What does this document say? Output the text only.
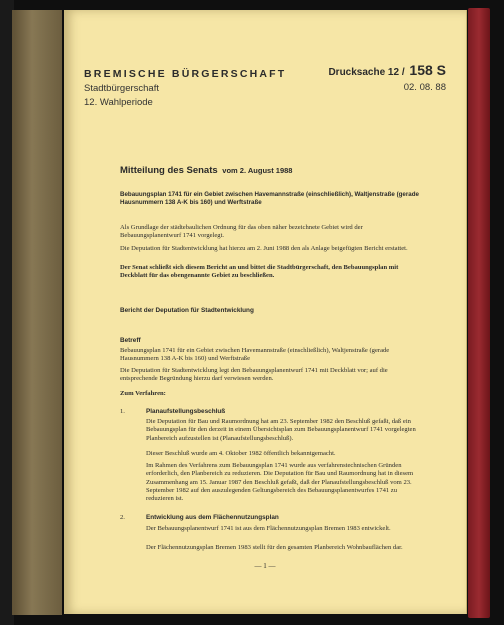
BREMISCHE BÜRGERSCHAFT
Stadtbürgerschaft
12. Wahlperiode
Drucksache 12 / 158 S
02. 08. 88
Mitteilung des Senats vom 2. August 1988
Bebauungsplan 1741 für ein Gebiet zwischen Havemannstraße (einschließlich), Waltjenstraße (gerade Hausnummern 138 A-K bis 160) und Werftstraße
Als Grundlage der städtebaulichen Ordnung für das oben näher bezeichnete Gebiet wird der Bebauungsplanentwurf 1741 vorgelegt.
Die Deputation für Stadtentwicklung hat hierzu am 2. Juni 1988 den als Anlage beigefügten Bericht erstattet.
Der Senat schließt sich diesem Bericht an und bittet die Stadtbürgerschaft, den Bebauungsplan mit Deckblatt für das obengenannte Gebiet zu beschließen.
Bericht der Deputation für Stadtentwicklung
Betreff
Bebauungsplan 1741 für ein Gebiet zwischen Havemannstraße (einschließlich), Waltjenstraße (gerade Hausnummern 138 A-K bis 160) und Werftstraße
Die Deputation für Stadtentwicklung legt den Bebauungsplanentwurf 1741 mit Deckblatt vor; auf die entsprechende Begründung hierzu darf verwiesen werden.
Zum Verfahren:
1.	Planaufstellungsbeschluß
Die Deputation für Bau und Raumordnung hat am 23. September 1982 den Beschluß gefaßt, daß ein Bebauungsplan für den derzeit in einem Übersichtsplan zum Bebauungsplanentwurf 1741 vorgelegten Planbereich aufzustellen ist (Planaufstellungsbeschluß).
Dieser Beschluß wurde am 4. Oktober 1982 öffentlich bekanntgemacht.
Im Rahmen des Verfahrens zum Bebauungsplan 1741 wurde aus verfahrenstechnischen Gründen erforderlich, den Planbereich zu reduzieren. Die Deputation für Bau und Raumordnung hat in diesem Zusammenhang am 15. Januar 1987 den Beschluß gefaßt, daß der Planaufstellungsbeschluß vom 23. September 1982 auf den auszulegenden Geltungsbereich des Bebauungsplanentwurfes 1741 zu reduzieren ist.
2.	Entwicklung aus dem Flächennutzungsplan
Der Bebauungsplanentwurf 1741 ist aus dem Flächennutzungsplan Bremen 1983 entwickelt.
Der Flächennutzungsplan Bremen 1983 stellt für den gesamten Planbereich Wohnbauflächen dar.
— 1 —
